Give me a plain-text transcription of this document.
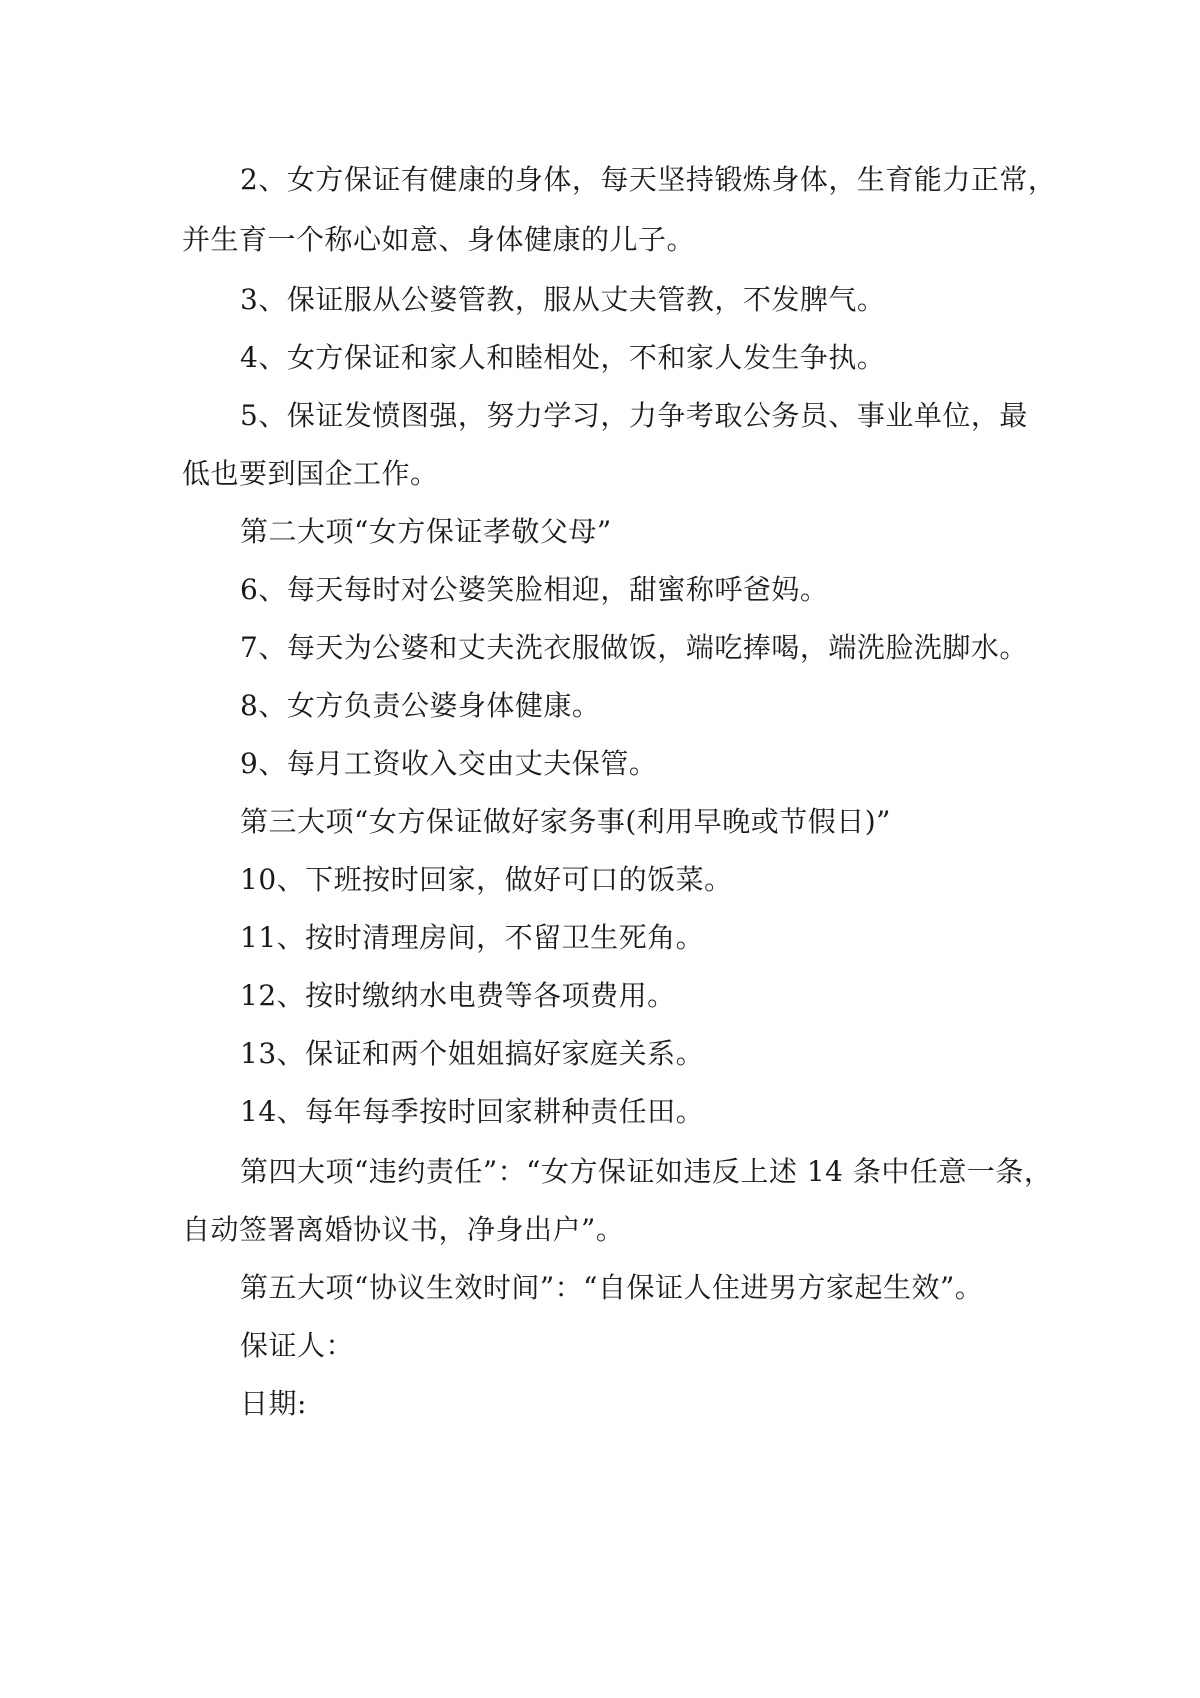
2、女方保证有健康的身体，每天坚持锻炼身体，生育能力正常，
并生育一个称心如意、身体健康的儿子。
3、保证服从公婆管教，服从丈夫管教，不发脾气。
4、女方保证和家人和睦相处，不和家人发生争执。
5、保证发愤图强，努力学习，力争考取公务员、事业单位，最
低也要到国企工作。
第二大项“女方保证孝敬父母”
6、每天每时对公婆笑脸相迎，甜蜜称呼爸妈。
7、每天为公婆和丈夫洗衣服做饭，端吃捧喝，端洗脸洗脚水。
8、女方负责公婆身体健康。
9、每月工资收入交由丈夫保管。
第三大项“女方保证做好家务事(利用早晚或节假日)”
10、下班按时回家，做好可口的饭菜。
11、按时清理房间，不留卫生死角。
12、按时缴纳水电费等各项费用。
13、保证和两个姐姐搞好家庭关系。
14、每年每季按时回家耕种责任田。
第四大项“违约责任”：“女方保证如违反上述 14 条中任意一条，
自动签署离婚协议书，净身出户”。
第五大项“协议生效时间”：“自保证人住进男方家起生效”。
保证人：
日期:
